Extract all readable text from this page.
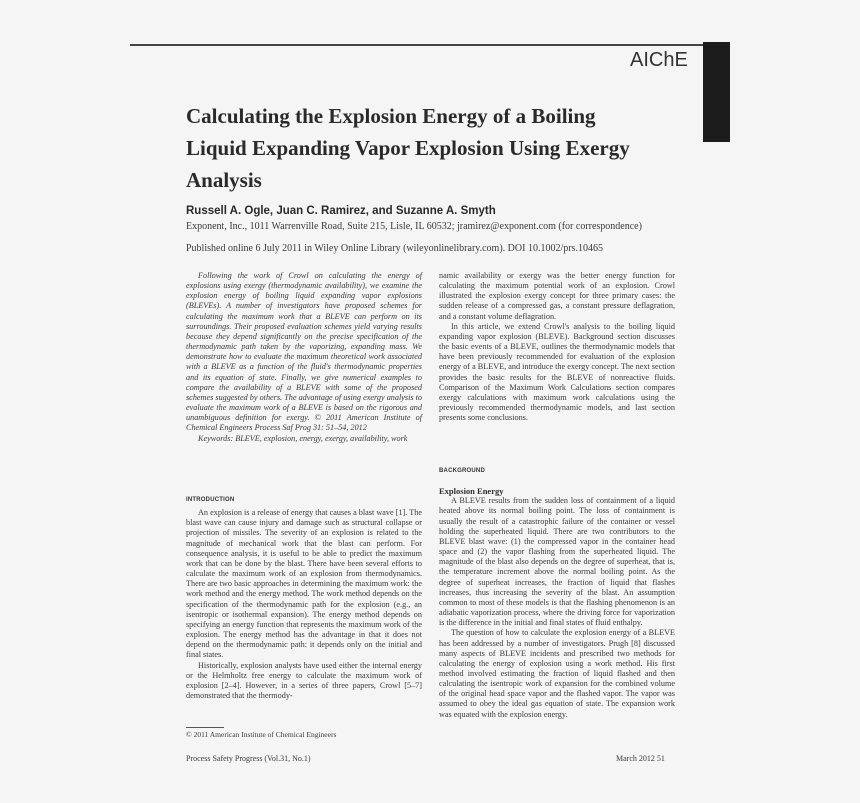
AIChE
Calculating the Explosion Energy of a Boiling Liquid Expanding Vapor Explosion Using Exergy Analysis
Russell A. Ogle, Juan C. Ramirez, and Suzanne A. Smyth
Exponent, Inc., 1011 Warrenville Road, Suite 215, Lisle, IL 60532; jramirez@exponent.com (for correspondence)
Published online 6 July 2011 in Wiley Online Library (wileyonlinelibrary.com). DOI 10.1002/prs.10465

Following the work of Crowl on calculating the energy of explosions using exergy (thermodynamic availability), we examine the explosion energy of boiling liquid expanding vapor explosions (BLEVEs). A number of investigators have proposed schemes for calculating the maximum work that a BLEVE can perform on its surroundings. Their proposed evaluation schemes yield varying results because they depend significantly on the precise specification of the thermodynamic path taken by the vaporizing, expanding mass. We demonstrate how to evaluate the maximum theoretical work associated with a BLEVE as a function of the fluid's thermodynamic properties and its equation of state. Finally, we give numerical examples to compare the availability of a BLEVE with some of the proposed schemes suggested by others. The advantage of using exergy analysis to evaluate the maximum work of a BLEVE is based on the rigorous and unambiguous definition for exergy. © 2011 American Institute of Chemical Engineers Process Saf Prog 31: 51–54, 2012

Keywords: BLEVE, explosion, energy, exergy, availability, work

INTRODUCTION

An explosion is a release of energy that causes a blast wave [1]. The blast wave can cause injury and damage such as structural collapse or projection of missiles. The severity of an explosion is related to the magnitude of mechanical work that the blast can perform. For consequence analysis, it is useful to be able to predict the maximum work that can be done by the blast. There have been several efforts to calculate the maximum work of an explosion from thermodynamics. There are two basic approaches in determining the maximum work: the work method and the energy method. The work method depends on the specification of the thermodynamic path for the explosion (e.g., an isentropic or isothermal expansion). The energy method depends on specifying an energy function that represents the maximum work of the explosion. The energy method has the advantage in that it does not depend on the thermodynamic path: it depends only on the initial and final states.

Historically, explosion analysts have used either the internal energy or the Helmholtz free energy to calculate the maximum work of explosion [2–4]. However, in a series of three papers, Crowl [5–7] demonstrated that the thermody-

namic availability or exergy was the better energy function for calculating the maximum potential work of an explosion. Crowl illustrated the explosion exergy concept for three primary cases: the sudden release of a compressed gas, a constant pressure deflagration, and a constant volume deflagration.

In this article, we extend Crowl's analysis to the boiling liquid expanding vapor explosion (BLEVE). Background section discusses the basic events of a BLEVE, outlines the thermodynamic models that have been previously recommended for evaluation of the explosion energy of a BLEVE, and introduce the exergy concept. The next section provides the basic results for the BLEVE of nonreactive fluids. Comparison of the Maximum Work Calculations section compares exergy calculations with maximum work calculations using the previously recommended thermodynamic models, and last section presents some conclusions.

BACKGROUND

Explosion Energy

A BLEVE results from the sudden loss of containment of a liquid heated above its normal boiling point. The loss of containment is usually the result of a catastrophic failure of the container or vessel holding the superheated liquid. There are two contributors to the BLEVE blast wave: (1) the compressed vapor in the container head space and (2) the vapor flashing from the superheated liquid. The magnitude of the blast also depends on the degree of superheat, that is, the temperature increment above the normal boiling point. As the degree of superheat increases, the fraction of liquid that flashes increases, thus increasing the severity of the blast. An assumption common to most of these models is that the flashing phenomenon is an adiabatic vaporization process, where the driving force for vaporization is the difference in the initial and final states of fluid enthalpy.

The question of how to calculate the explosion energy of a BLEVE has been addressed by a number of investigators. Prugh [8] discussed many aspects of BLEVE incidents and prescribed two methods for calculating the energy of explosion using a work method. His first method involved estimating the fraction of liquid flashed and then calculating the isentropic work of expansion for the combined volume of the original head space vapor and the flashed vapor. The vapor was assumed to obey the ideal gas equation of state. The expansion work was equated with the explosion energy.

© 2011 American Institute of Chemical Engineers
Process Safety Progress (Vol.31, No.1)	March 2012 51
